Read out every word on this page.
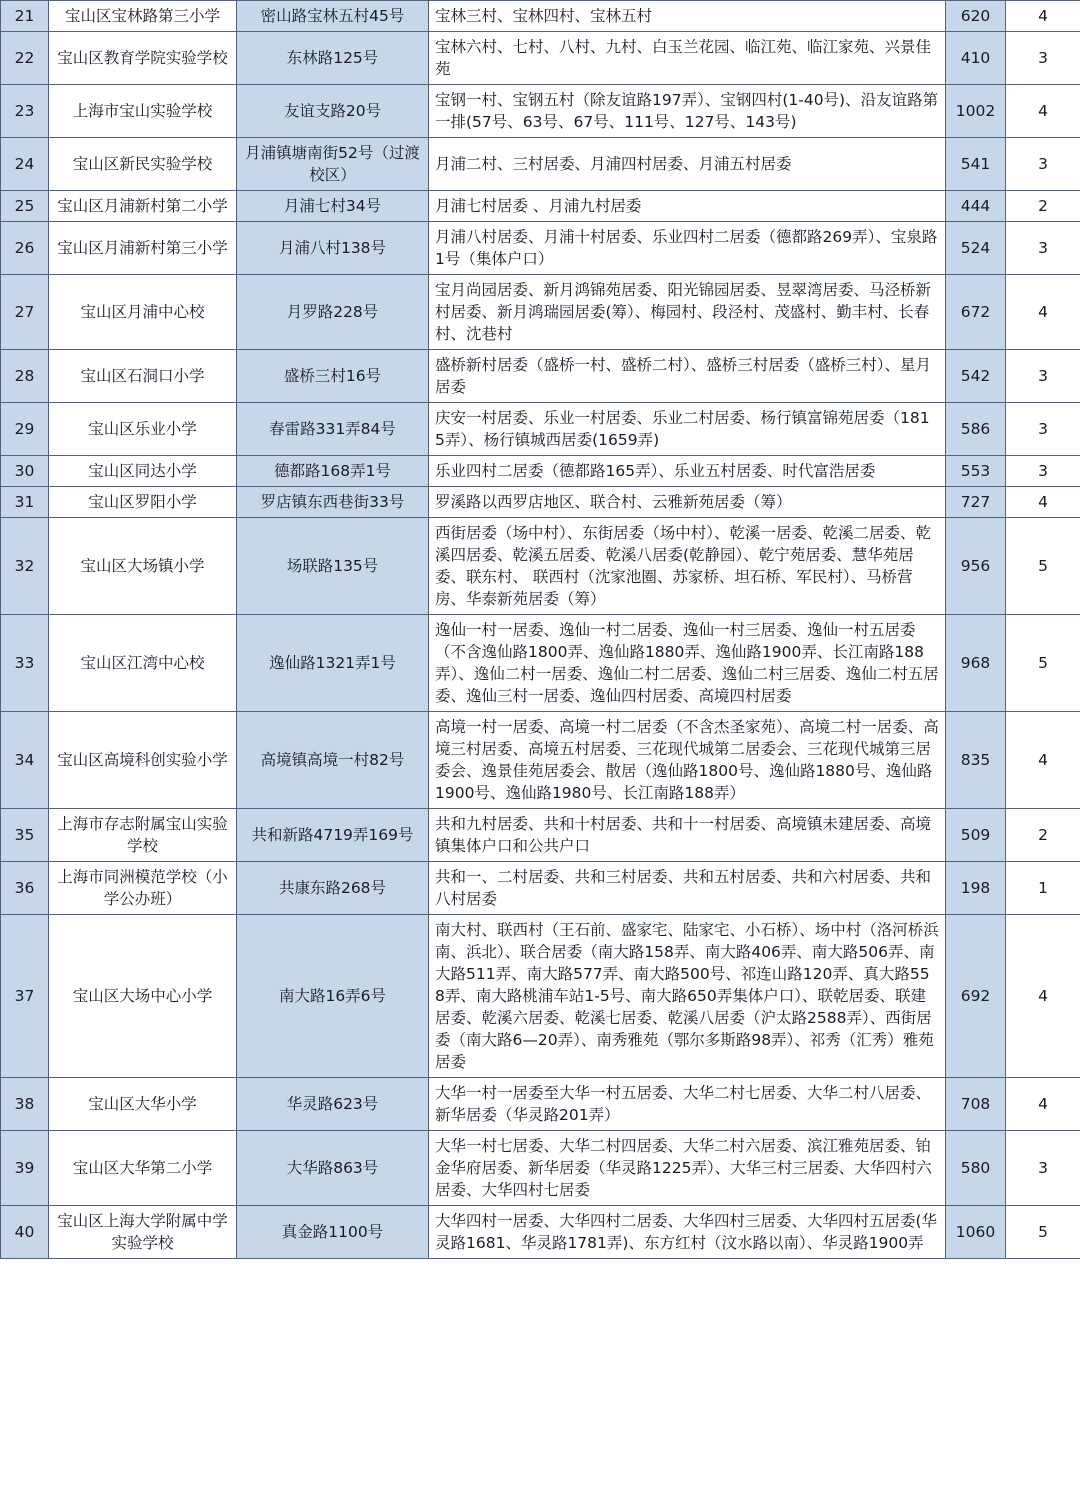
21	宝山区宝林路第三小学	密山路宝林五村45号	宝林三村、宝林四村、宝林五村	620	4
22	宝山区教育学院实验学校	东林路125号	宝林六村、七村、八村、九村、白玉兰花园、临江苑、临江家苑、兴景佳苑	410	3
23	上海市宝山实验学校	友谊支路20号	宝钢一村、宝钢五村（除友谊路197弄）、宝钢四村(1-40号)、沿友谊路第一排(57号、63号、67号、111号、127号、143号)	1002	4
24	宝山区新民实验学校	月浦镇塘南街52号（过渡校区）	月浦二村、三村居委、月浦四村居委、月浦五村居委	541	3
25	宝山区月浦新村第二小学	月浦七村34号	月浦七村居委 、月浦九村居委	444	2
26	宝山区月浦新村第三小学	月浦八村138号	月浦八村居委、月浦十村居委、乐业四村二居委（德都路269弄）、宝泉路1号（集体户口）	524	3
27	宝山区月浦中心校	月罗路228号	宝月尚园居委、新月鸿锦苑居委、阳光锦园居委、昱翠湾居委、马泾桥新村居委、新月鸿瑞园居委(筹）、梅园村、段泾村、茂盛村、勤丰村、长春村、沈巷村	672	4
28	宝山区石洞口小学	盛桥三村16号	盛桥新村居委（盛桥一村、盛桥二村）、盛桥三村居委（盛桥三村）、星月居委	542	3
29	宝山区乐业小学	春雷路331弄84号	庆安一村居委、乐业一村居委、乐业二村居委、杨行镇富锦苑居委（1815弄）、杨行镇城西居委(1659弄)	586	3
30	宝山区同达小学	德都路168弄1号	乐业四村二居委（德都路165弄）、乐业五村居委、时代富浩居委	553	3
31	宝山区罗阳小学	罗店镇东西巷街33号	罗溪路以西罗店地区、联合村、云雅新苑居委（筹）	727	4
32	宝山区大场镇小学	场联路135号	西街居委（场中村）、东街居委（场中村）、乾溪一居委、乾溪二居委、乾溪四居委、乾溪五居委、乾溪八居委(乾静园）、乾宁苑居委、慧华苑居委、联东村、 联西村（沈家池圈、苏家桥、坦石桥、军民村）、马桥营房、华泰新苑居委（筹）	956	5
33	宝山区江湾中心校	逸仙路1321弄1号	逸仙一村一居委、逸仙一村二居委、逸仙一村三居委、逸仙一村五居委（不含逸仙路1800弄、逸仙路1880弄、逸仙路1900弄、长江南路188弄）、逸仙二村一居委、逸仙二村二居委、逸仙二村三居委、逸仙二村五居委、逸仙三村一居委、逸仙四村居委、高境四村居委	968	5
34	宝山区高境科创实验小学	高境镇高境一村82号	高境一村一居委、高境一村二居委（不含杰圣家苑）、高境二村一居委、高境三村居委、高境五村居委、三花现代城第二居委会、三花现代城第三居委会、逸景佳苑居委会、散居（逸仙路1800号、逸仙路1880号、逸仙路1900号、逸仙路1980号、长江南路188弄）	835	4
35	上海市存志附属宝山实验学校	共和新路4719弄169号	共和九村居委、共和十村居委、共和十一村居委、高境镇未建居委、高境镇集体户口和公共户口	509	2
36	上海市同洲模范学校（小学公办班）	共康东路268号	共和一、二村居委、共和三村居委、共和五村居委、共和六村居委、共和八村居委	198	1
37	宝山区大场中心小学	南大路16弄6号	南大村、联西村（王石前、盛家宅、陆家宅、小石桥）、场中村（洛河桥浜南、浜北）、联合居委（南大路158弄、南大路406弄、南大路506弄、南大路511弄、南大路577弄、南大路500号、祁连山路120弄、真大路558弄、南大路桃浦车站1-5号、南大路650弄集体户口）、联乾居委、联建居委、乾溪六居委、乾溪七居委、乾溪八居委（沪太路2588弄）、西街居委（南大路6—20弄）、南秀雅苑（鄂尔多斯路98弄）、祁秀（汇秀）雅苑居委	692	4
38	宝山区大华小学	华灵路623号	大华一村一居委至大华一村五居委、大华二村七居委、大华二村八居委、新华居委（华灵路201弄）	708	4
39	宝山区大华第二小学	大华路863号	大华一村七居委、大华二村四居委、大华二村六居委、滨江雅苑居委、铂金华府居委、新华居委（华灵路1225弄）、大华三村三居委、大华四村六居委、大华四村七居委	580	3
40	宝山区上海大学附属中学实验学校	真金路1100号	大华四村一居委、大华四村二居委、大华四村三居委、大华四村五居委(华灵路1681、华灵路1781弄)、东方红村（汶水路以南）、华灵路1900弄	1060	5
